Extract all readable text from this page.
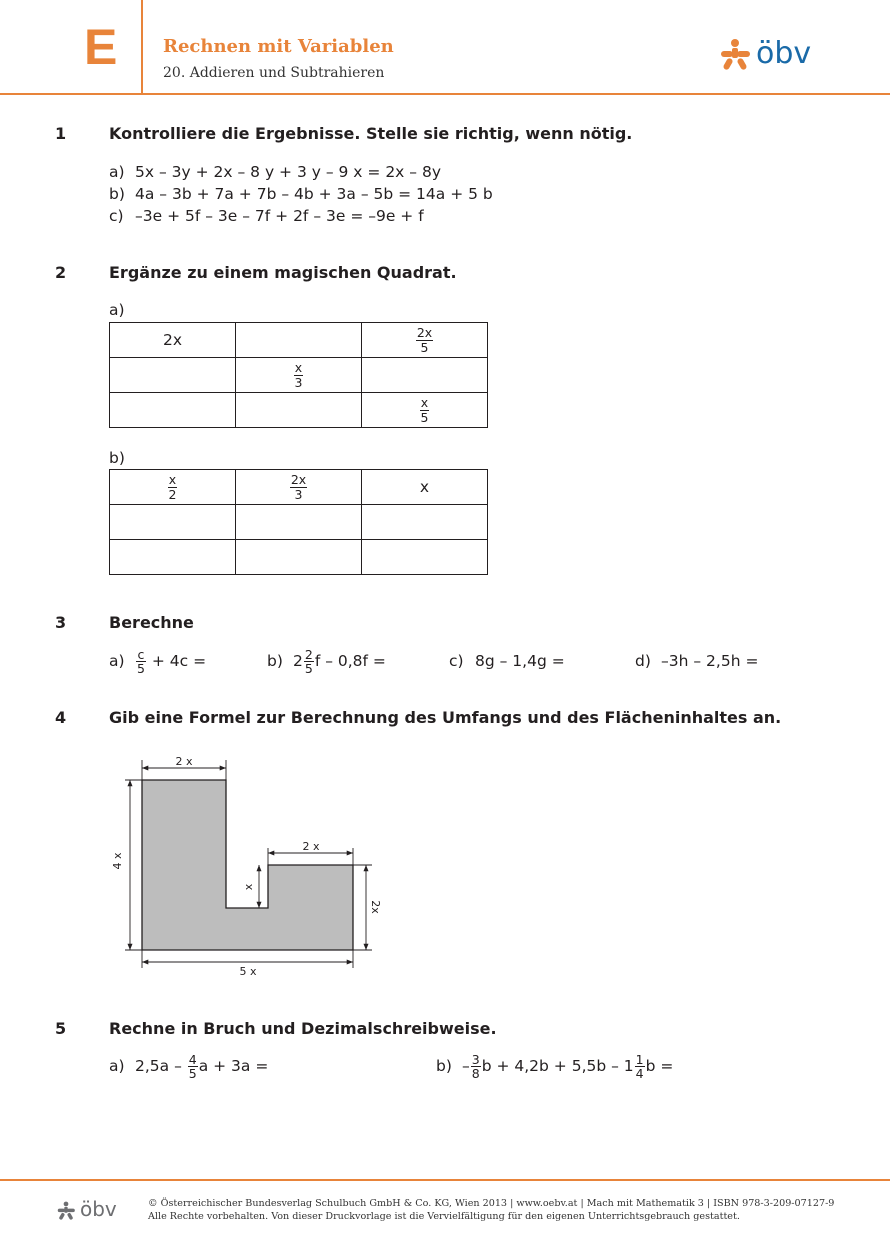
E	Rechnen mit Variablen
20. Addieren und Subtrahieren
öbv
1	Kontrolliere die Ergebnisse. Stelle sie richtig, wenn nötig.
a) 5x – 3y + 2x – 8 y + 3 y – 9 x = 2x – 8y
b) 4a – 3b + 7a + 7b – 4b + 3a – 5b = 14a + 5 b
c) –3e + 5f – 3e – 7f + 2f – 3e = –9e + f
2	Ergänze zu einem magischen Quadrat.
a)
2x		$\frac{2x}{5}$

	$\frac{x}{3}$

		$\frac{x}{5}$
b)
$\frac{x}{2}$	$\frac{2x}{3}$	x

3	Berechne
$a) \frac{c}{5} + 4c$ =	b) $2 \frac{2}{5}$ f – 0,8f =	c) 8g – 1,4g =	d) –3h – 2,5h =
4	Gib eine Formel zur Berechnung des Umfangs und des Flächeninhaltes an.
2 x
2 x
4 x
x
2x
5 x
5	Rechne in Bruch und Dezimalschreibweise.
a) $2,5a - \frac{4}{5}$ a + 3a =	$b) - \frac{3}{8}$ $b + 4,2b + 5,5b - 1 \frac{1}{4}$ b =
öbv	© Österreichischer Bundesverlag Schulbuch GmbH & Co. KG, Wien 2013 | www.oebv.at | Mach mit Mathematik 3 | ISBN 978-3-209-07127-9
Alle Rechte vorbehalten. Von dieser Druckvorlage ist die Vervielfältigung für den eigenen Unterrichtsgebrauch gestattet.
